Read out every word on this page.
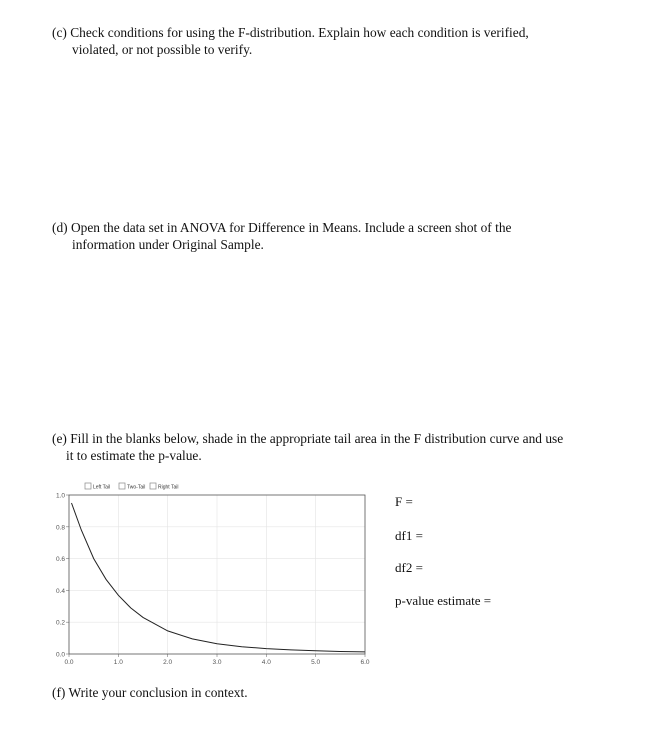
(c) Check conditions for using the F-distribution. Explain how each condition is verified,
violated, or not possible to verify.
(d) Open the data set in ANOVA for Difference in Means. Include a screen shot of the
information under Original Sample.
(e) Fill in the blanks below, shade in the appropriate tail area in the F distribution curve and use
it to estimate the p-value.
Left Tail	Two-Tail	Right Tail
0.0
0.2
0.4
0.6
0.8
1.0
0.0	1.0	2.0	3.0	4.0	5.0	6.0
F =
df1 =
df2 =
p-value estimate =
(f) Write your conclusion in context.
